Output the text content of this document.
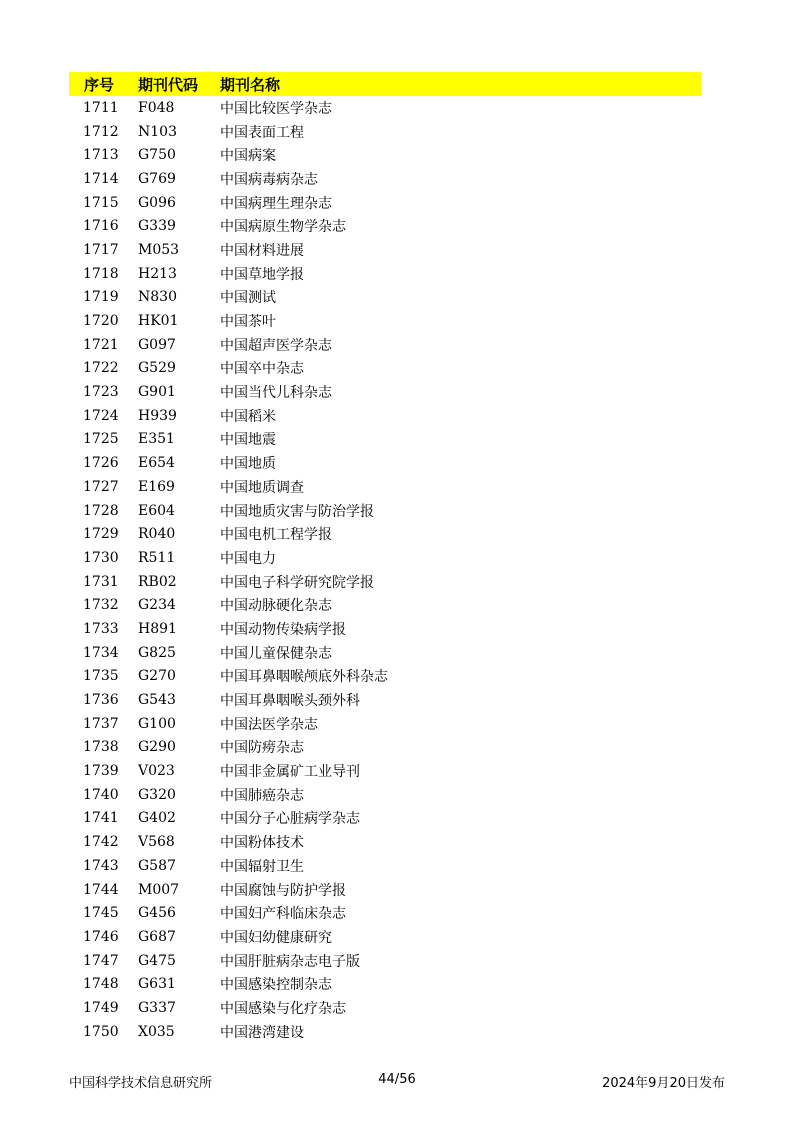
序号	期刊代码	期刊名称
1711	F048	中国比较医学杂志
1712	N103	中国表面工程
1713	G750	中国病案
1714	G769	中国病毒病杂志
1715	G096	中国病理生理杂志
1716	G339	中国病原生物学杂志
1717	M053	中国材料进展
1718	H213	中国草地学报
1719	N830	中国测试
1720	HK01	中国茶叶
1721	G097	中国超声医学杂志
1722	G529	中国卒中杂志
1723	G901	中国当代儿科杂志
1724	H939	中国稻米
1725	E351	中国地震
1726	E654	中国地质
1727	E169	中国地质调查
1728	E604	中国地质灾害与防治学报
1729	R040	中国电机工程学报
1730	R511	中国电力
1731	RB02	中国电子科学研究院学报
1732	G234	中国动脉硬化杂志
1733	H891	中国动物传染病学报
1734	G825	中国儿童保健杂志
1735	G270	中国耳鼻咽喉颅底外科杂志
1736	G543	中国耳鼻咽喉头颈外科
1737	G100	中国法医学杂志
1738	G290	中国防痨杂志
1739	V023	中国非金属矿工业导刊
1740	G320	中国肺癌杂志
1741	G402	中国分子心脏病学杂志
1742	V568	中国粉体技术
1743	G587	中国辐射卫生
1744	M007	中国腐蚀与防护学报
1745	G456	中国妇产科临床杂志
1746	G687	中国妇幼健康研究
1747	G475	中国肝脏病杂志电子版
1748	G631	中国感染控制杂志
1749	G337	中国感染与化疗杂志
1750	X035	中国港湾建设
中国科学技术信息研究所	44/56	2024年9月20日发布
